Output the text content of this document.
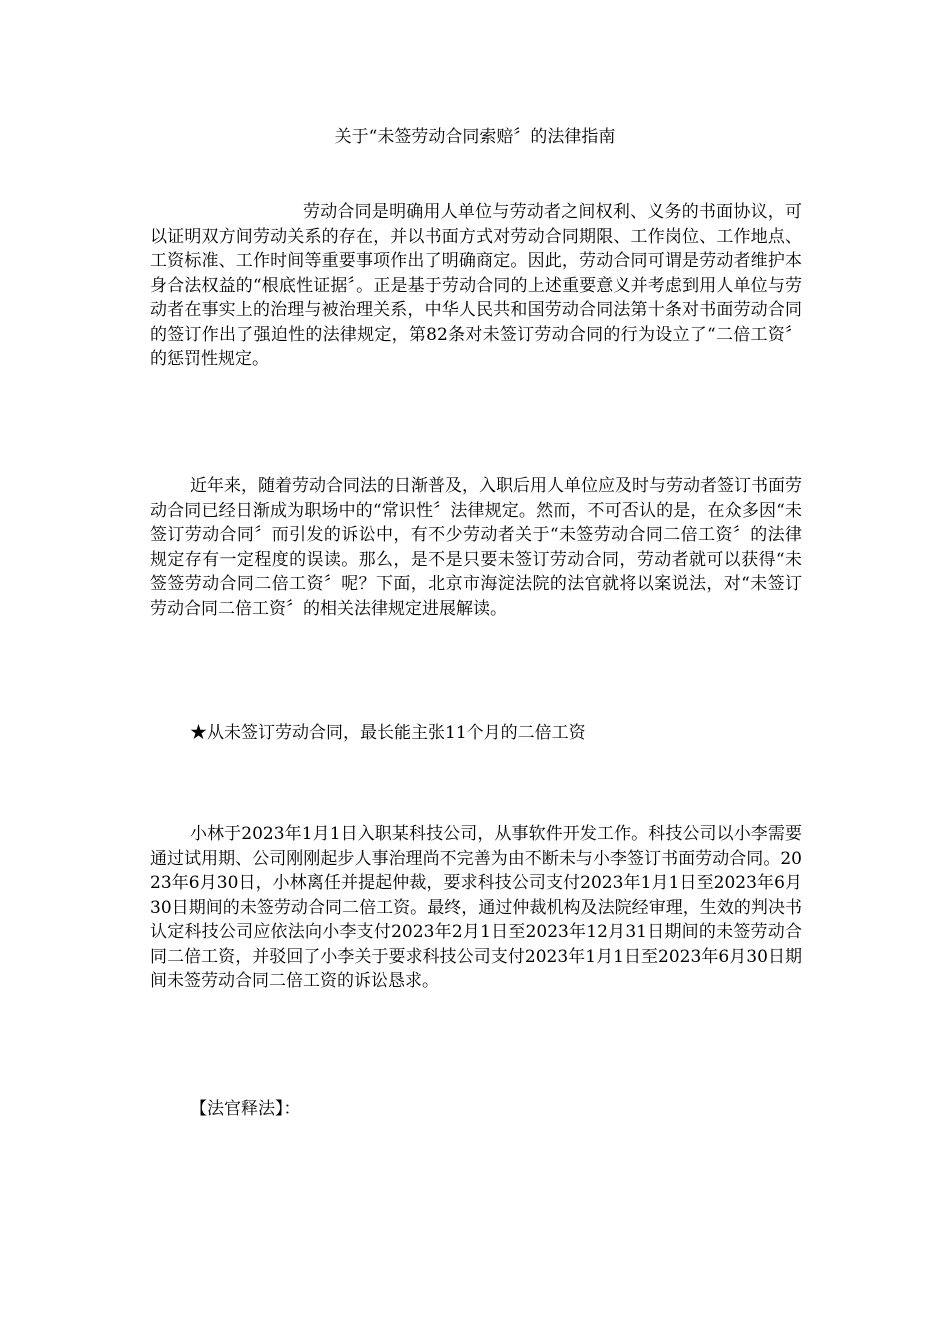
关于“未签劳动合同索赔〞的法律指南

劳动合同是明确用人单位与劳动者之间权利、义务的书面协议，可以证明双方间劳动关系的存在，并以书面方式对劳动合同期限、工作岗位、工作地点、工资标准、工作时间等重要事项作出了明确商定。因此，劳动合同可谓是劳动者维护本身合法权益的“根底性证据〞。正是基于劳动合同的上述重要意义并考虑到用人单位与劳动者在事实上的治理与被治理关系，中华人民共和国劳动合同法第十条对书面劳动合同的签订作出了强迫性的法律规定，第82条对未签订劳动合同的行为设立了“二倍工资〞的惩罚性规定。

近年来，随着劳动合同法的日渐普及，入职后用人单位应及时与劳动者签订书面劳动合同已经日渐成为职场中的“常识性〞法律规定。然而，不可否认的是，在众多因“未签订劳动合同〞而引发的诉讼中，有不少劳动者关于“未签劳动合同二倍工资〞的法律规定存有一定程度的误读。那么，是不是只要未签订劳动合同，劳动者就可以获得“未签签劳动合同二倍工资〞呢？下面，北京市海淀法院的法官就将以案说法，对“未签订劳动合同二倍工资〞的相关法律规定进展解读。

★从未签订劳动合同，最长能主张11个月的二倍工资

小林于2023年1月1日入职某科技公司，从事软件开发工作。科技公司以小李需要通过试用期、公司刚刚起步人事治理尚不完善为由不断未与小李签订书面劳动合同。2023年6月30日，小林离任并提起仲裁，要求科技公司支付2023年1月1日至2023年6月30日期间的未签劳动合同二倍工资。最终，通过仲裁机构及法院经审理，生效的判决书认定科技公司应依法向小李支付2023年2月1日至2023年12月31日期间的未签劳动合同二倍工资，并驳回了小李关于要求科技公司支付2023年1月1日至2023年6月30日期间未签劳动合同二倍工资的诉讼恳求。

【法官释法】：
